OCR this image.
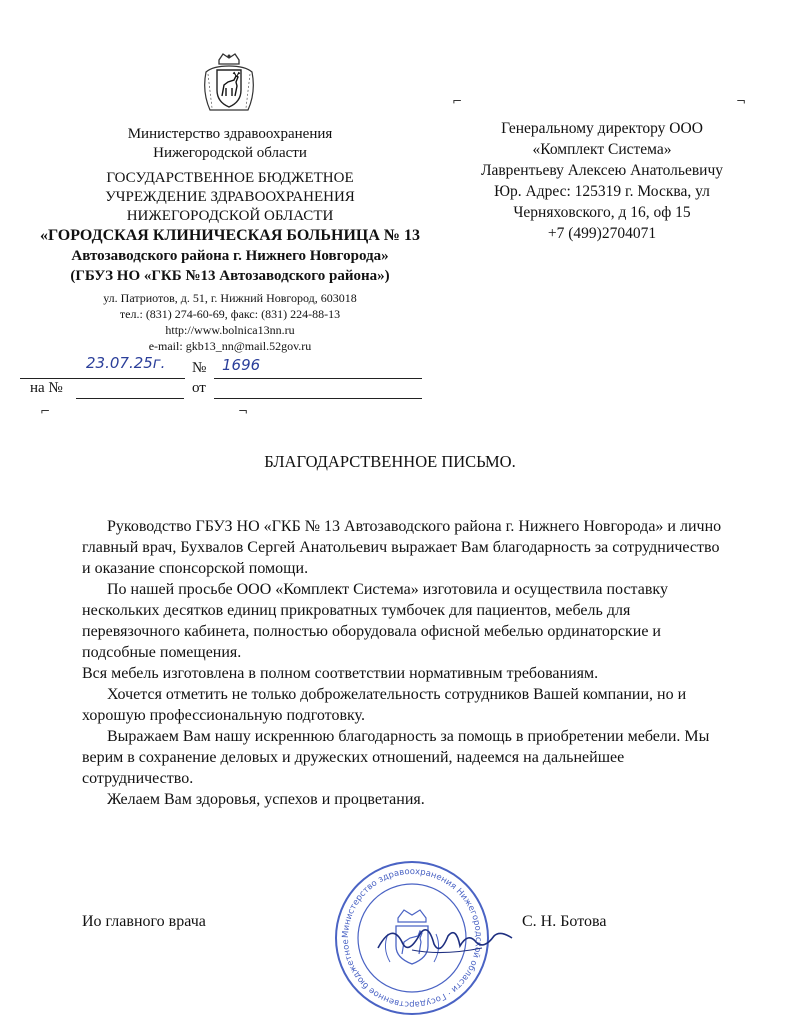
Министерство здравоохранения
Нижегородской области
ГОСУДАРСТВЕННОЕ БЮДЖЕТНОЕ
УЧРЕЖДЕНИЕ ЗДРАВООХРАНЕНИЯ
НИЖЕГОРОДСКОЙ ОБЛАСТИ
«ГОРОДСКАЯ КЛИНИЧЕСКАЯ БОЛЬНИЦА № 13
Автозаводского района г. Нижнего Новгорода»
(ГБУЗ НО «ГКБ №13 Автозаводского района»)
ул. Патриотов, д. 51, г. Нижний Новгород, 603018
тел.: (831) 274-60-69, факс: (831) 224-88-13
http://www.bolnica13nn.ru
e-mail: gkb13_nn@mail.52gov.ru
23.07.25г. № 1696
на №	от
⌐	¬
⌐	¬
Генеральному директору ООО
«Комплект Система»
Лаврентьеву Алексею Анатольевичу
Юр. Адрес: 125319 г. Москва, ул
Черняховского, д 16, оф 15
+7 (499)2704071
БЛАГОДАРСТВЕННОЕ ПИСЬМО.

Руководство ГБУЗ НО «ГКБ № 13 Автозаводского района г. Нижнего Новгорода» и лично главный врач, Бухвалов Сергей Анатольевич выражает Вам благодарность за сотрудничество и оказание спонсорской помощи.

По нашей просьбе ООО «Комплект Система» изготовила и осуществила поставку нескольких десятков единиц прикроватных тумбочек для пациентов, мебель для перевязочного кабинета, полностью оборудовала офисной мебелью ординаторские и подсобные помещения.

Вся мебель изготовлена в полном соответствии нормативным требованиям.

Хочется отметить не только доброжелательность сотрудников Вашей компании, но и хорошую профессиональную подготовку.

Выражаем Вам нашу искреннюю благодарность за помощь в приобретении мебели. Мы верим в сохранение деловых и дружеских отношений, надеемся на дальнейшее сотрудничество.

Желаем Вам здоровья, успехов и процветания.

Министерство здравоохранения Нижегородской области · Государственное бюджетное
Ио главного врача	С. Н. Ботова
